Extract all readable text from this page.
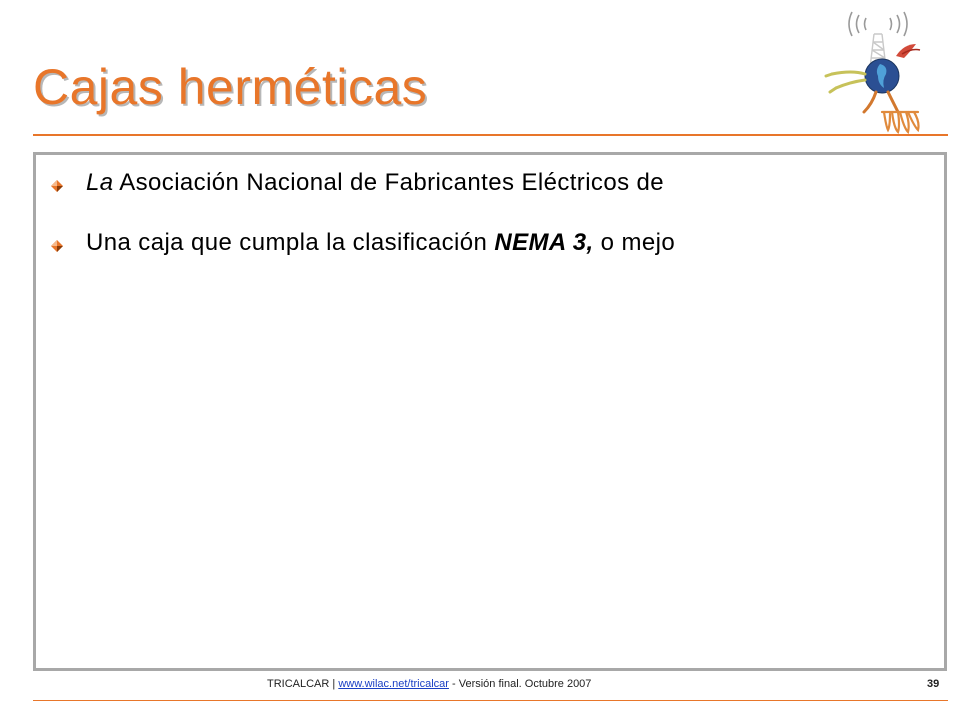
Cajas herméticas
La Asociación Nacional de Fabricantes Eléctricos de
Una caja que cumpla la clasificación NEMA 3, o mejo
TRICALCAR | www.wilac.net/tricalcar - Versión final. Octubre 2007	39
